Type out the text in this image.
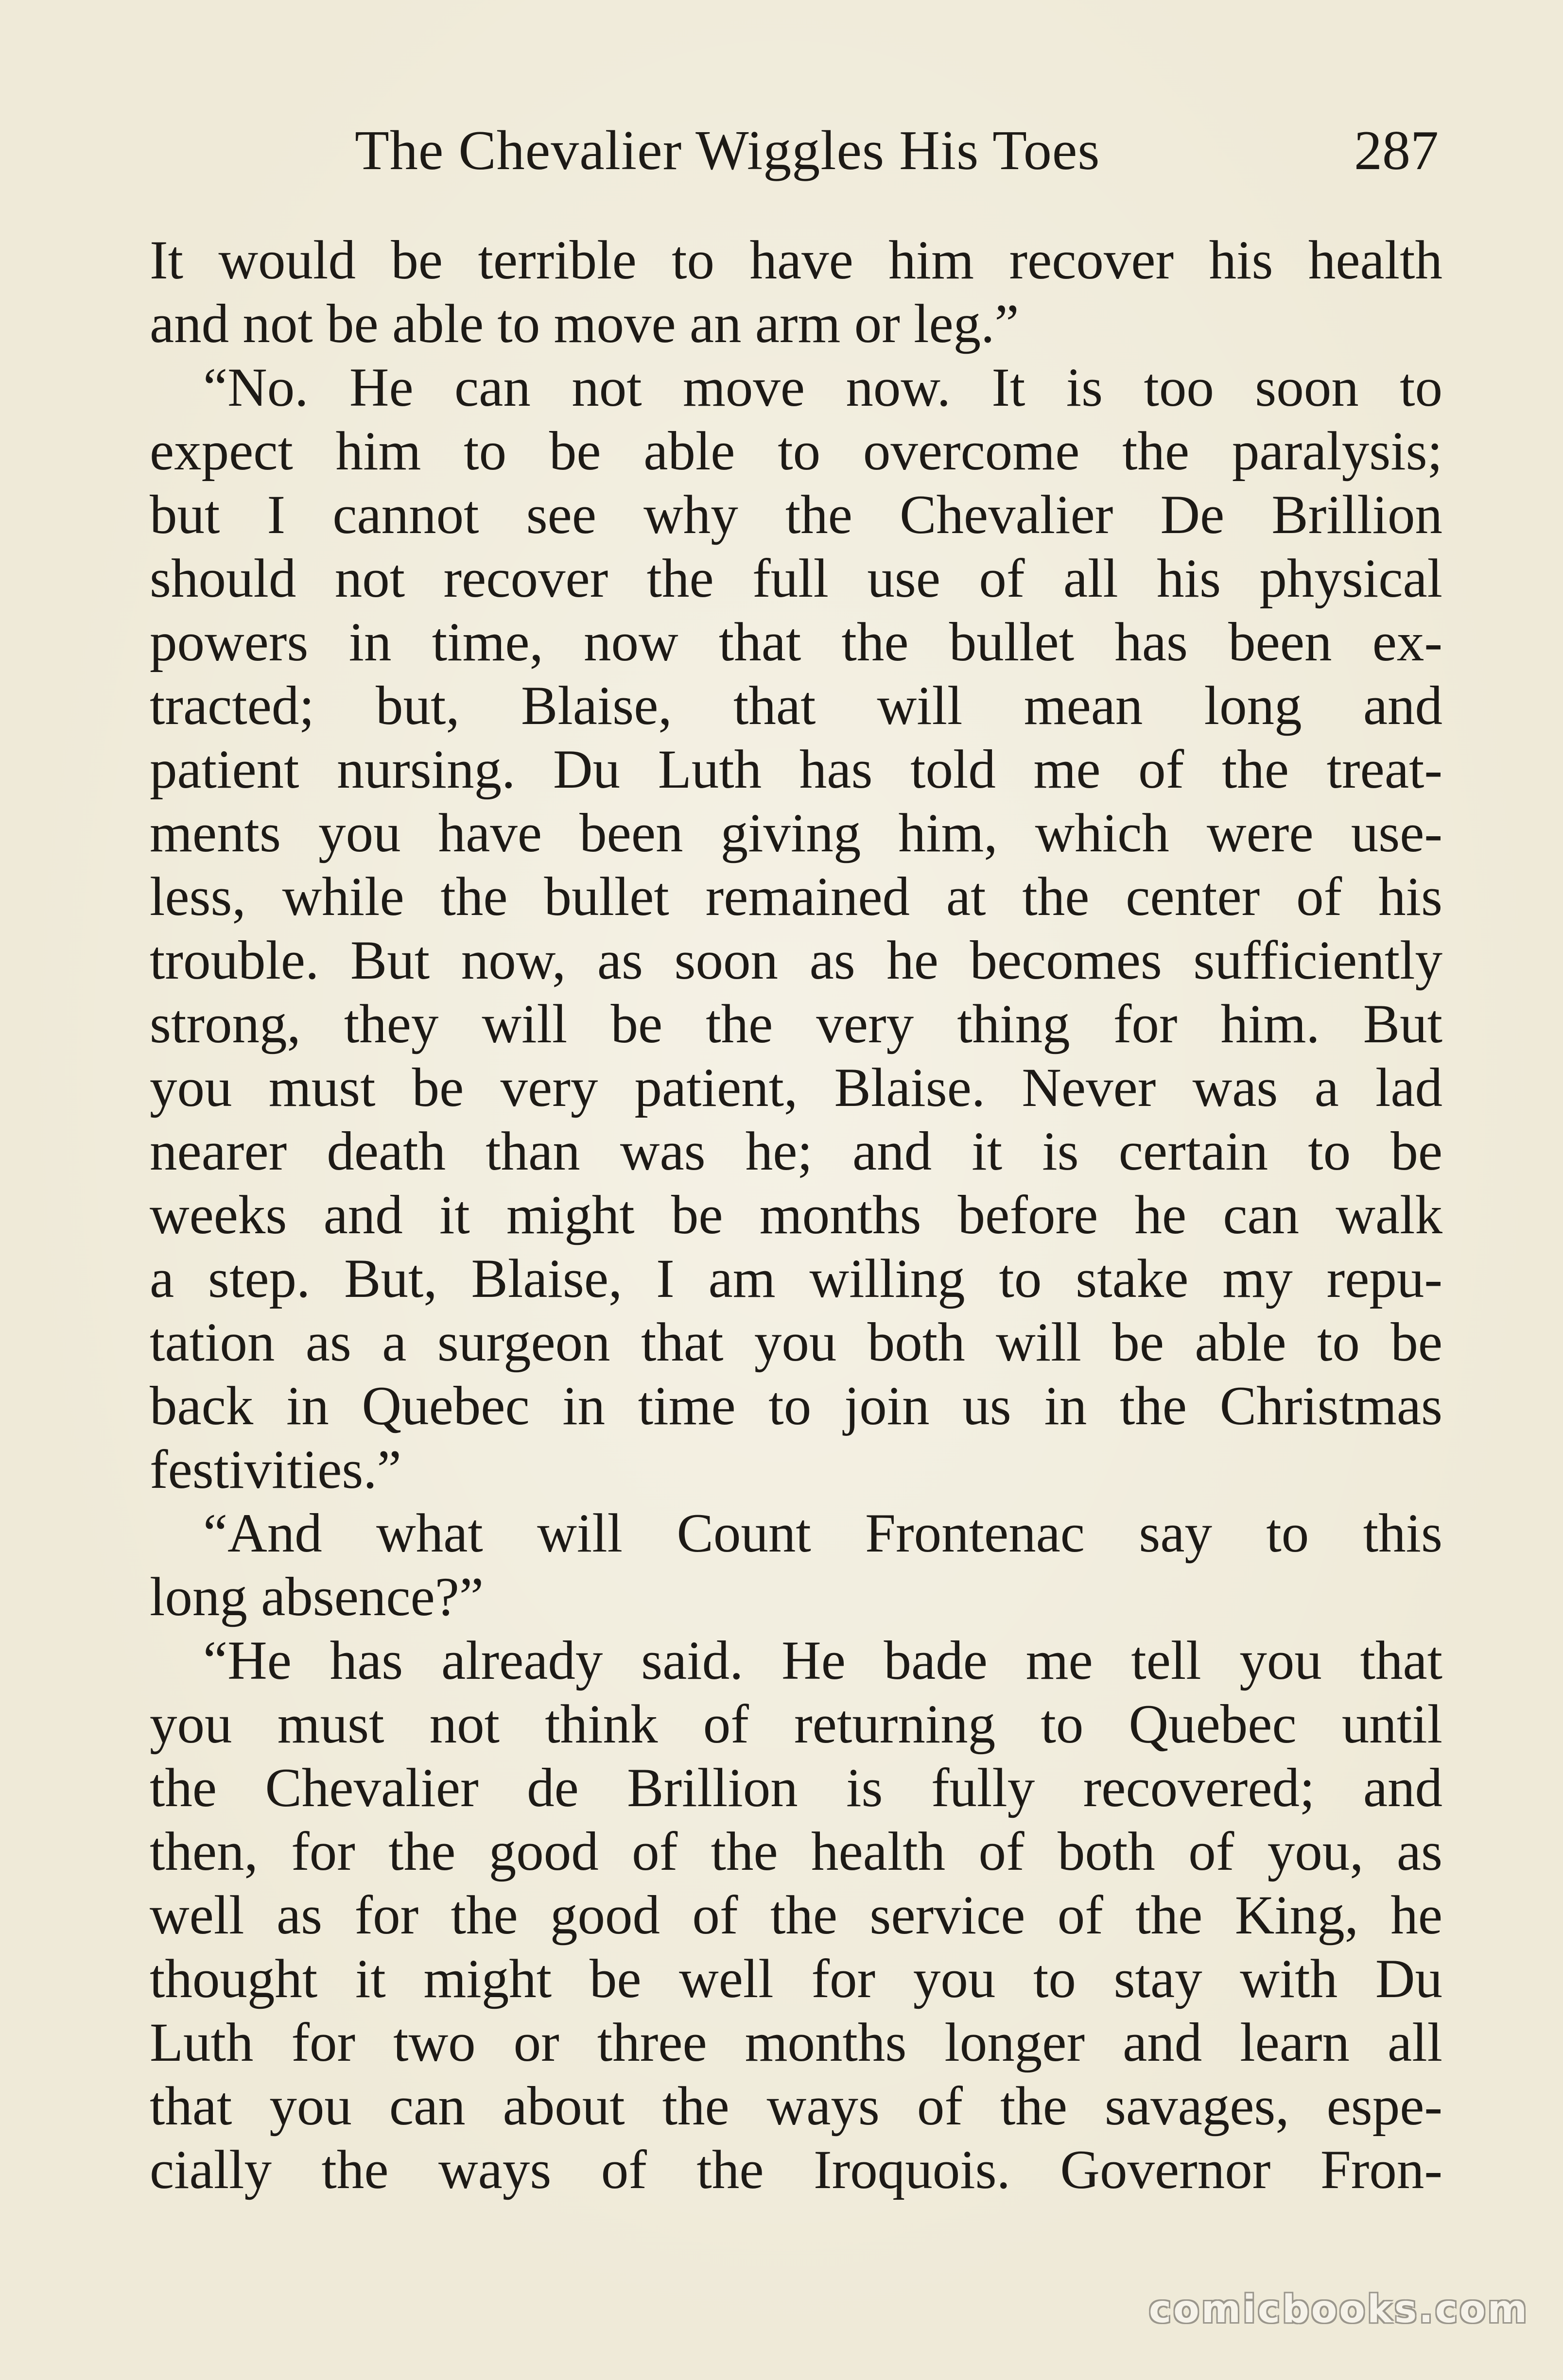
The Chevalier Wiggles His Toes	287
It would be terrible to have him recover his health
and not be able to move an arm or leg.”
“No. He can not move now. It is too soon to
expect him to be able to overcome the paralysis;
but I cannot see why the Chevalier De Brillion
should not recover the full use of all his physical
powers in time, now that the bullet has been ex-
tracted; but, Blaise, that will mean long and
patient nursing. Du Luth has told me of the treat-
ments you have been giving him, which were use-
less, while the bullet remained at the center of his
trouble. But now, as soon as he becomes sufficiently
strong, they will be the very thing for him. But
you must be very patient, Blaise. Never was a lad
nearer death than was he; and it is certain to be
weeks and it might be months before he can walk
a step. But, Blaise, I am willing to stake my repu-
tation as a surgeon that you both will be able to be
back in Quebec in time to join us in the Christmas
festivities.”
“And what will Count Frontenac say to this
long absence?”
“He has already said. He bade me tell you that
you must not think of returning to Quebec until
the Chevalier de Brillion is fully recovered; and
then, for the good of the health of both of you, as
well as for the good of the service of the King, he
thought it might be well for you to stay with Du
Luth for two or three months longer and learn all
that you can about the ways of the savages, espe-
cially the ways of the Iroquois. Governor Fron-
comicbooks.com
